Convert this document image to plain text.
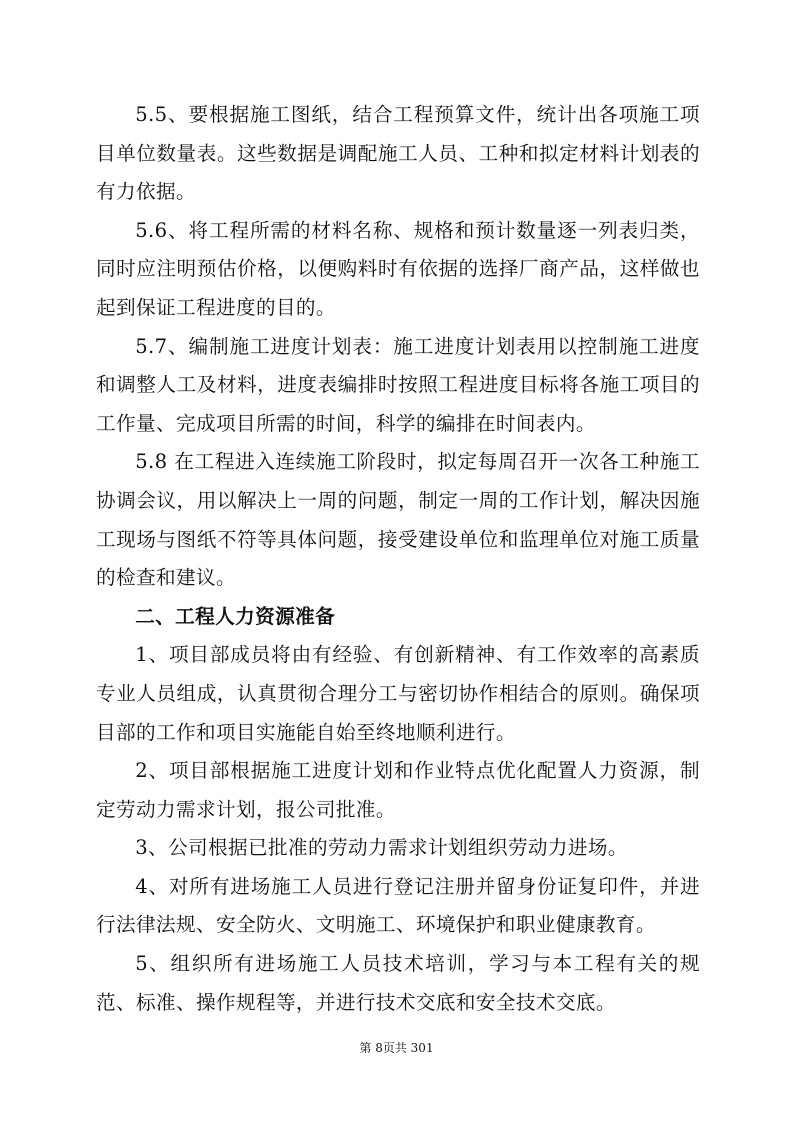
5.5、要根据施工图纸，结合工程预算文件，统计出各项施工项目单位数量表。这些数据是调配施工人员、工种和拟定材料计划表的有力依据。

5.6、将工程所需的材料名称、规格和预计数量逐一列表归类，同时应注明预估价格，以便购料时有依据的选择厂商产品，这样做也起到保证工程进度的目的。

5.7、编制施工进度计划表：施工进度计划表用以控制施工进度和调整人工及材料，进度表编排时按照工程进度目标将各施工项目的工作量、完成项目所需的时间，科学的编排在时间表内。

5.8 在工程进入连续施工阶段时，拟定每周召开一次各工种施工协调会议，用以解决上一周的问题，制定一周的工作计划，解决因施工现场与图纸不符等具体问题，接受建设单位和监理单位对施工质量的检查和建议。

二、工程人力资源准备

1、项目部成员将由有经验、有创新精神、有工作效率的高素质专业人员组成，认真贯彻合理分工与密切协作相结合的原则。确保项目部的工作和项目实施能自始至终地顺利进行。

2、项目部根据施工进度计划和作业特点优化配置人力资源，制定劳动力需求计划，报公司批准。

3、公司根据已批准的劳动力需求计划组织劳动力进场。

4、对所有进场施工人员进行登记注册并留身份证复印件，并进行法律法规、安全防火、文明施工、环境保护和职业健康教育。

5、组织所有进场施工人员技术培训，学习与本工程有关的规范、标准、操作规程等，并进行技术交底和安全技术交底。

第 8页共 301
